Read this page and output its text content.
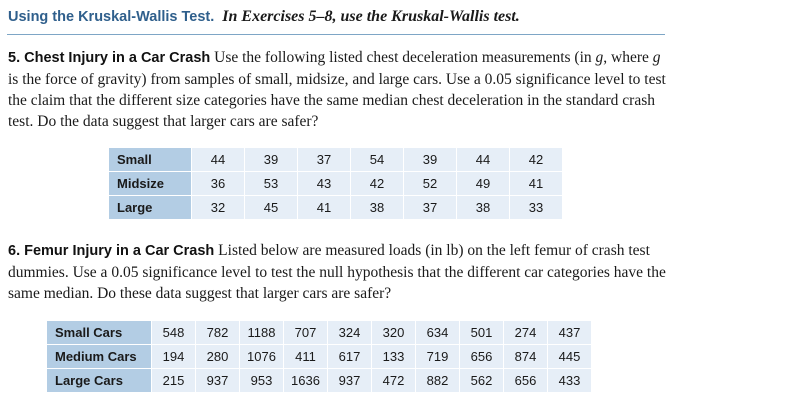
Using the Kruskal-Wallis Test. In Exercises 5–8, use the Kruskal-Wallis test.
5. Chest Injury in a Car Crash Use the following listed chest deceleration measurements (in g, where g is the force of gravity) from samples of small, midsize, and large cars. Use a 0.05 significance level to test the claim that the different size categories have the same median chest deceleration in the standard crash test. Do the data suggest that larger cars are safer?
Small	44	39	37	54	39	44	42
Midsize	36	53	43	42	52	49	41
Large	32	45	41	38	37	38	33
6. Femur Injury in a Car Crash Listed below are measured loads (in lb) on the left femur of crash test dummies. Use a 0.05 significance level to test the null hypothesis that the different car categories have the same median. Do these data suggest that larger cars are safer?
Small Cars	548	782	1188	707	324	320	634	501	274	437
Medium Cars	194	280	1076	411	617	133	719	656	874	445
Large Cars	215	937	953	1636	937	472	882	562	656	433
